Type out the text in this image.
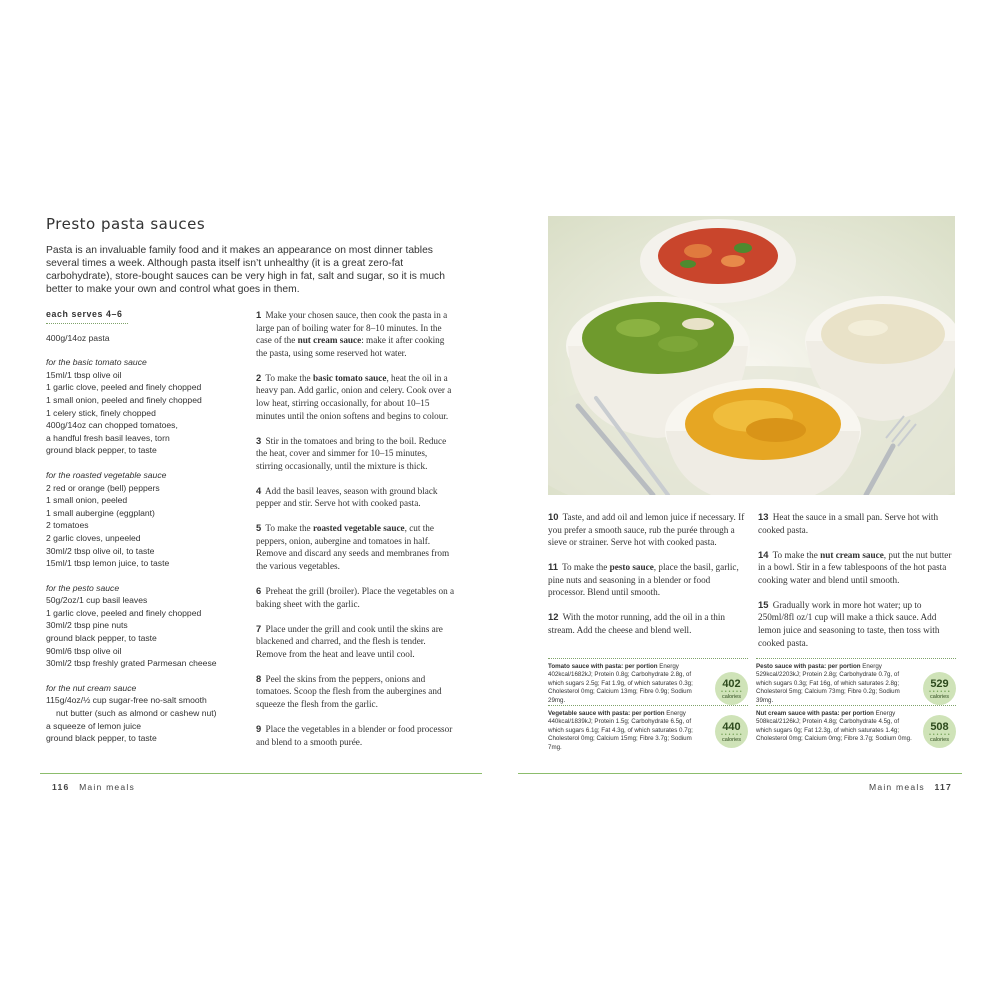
Presto pasta sauces

Pasta is an invaluable family food and it makes an appearance on most dinner tables several times a week. Although pasta itself isn’t unhealthy (it is a great zero-fat carbohydrate), store-bought sauces can be very high in fat, salt and sugar, so it is much better to make your own and control what goes in them.

each serves 4–6
400g/14oz pasta
for the basic tomato sauce
15ml/1 tbsp olive oil
1 garlic clove, peeled and finely chopped
1 small onion, peeled and finely chopped
1 celery stick, finely chopped
400g/14oz can chopped tomatoes,
a handful fresh basil leaves, torn
ground black pepper, to taste
for the roasted vegetable sauce
2 red or orange (bell) peppers
1 small onion, peeled
1 small aubergine (eggplant)
2 tomatoes
2 garlic cloves, unpeeled
30ml/2 tbsp olive oil, to taste
15ml/1 tbsp lemon juice, to taste
for the pesto sauce
50g/2oz/1 cup basil leaves
1 garlic clove, peeled and finely chopped
30ml/2 tbsp pine nuts
ground black pepper, to taste
90ml/6 tbsp olive oil
30ml/2 tbsp freshly grated Parmesan cheese
for the nut cream sauce
115g/4oz/½ cup sugar-free no-salt smooth
nut butter (such as almond or cashew nut)
a squeeze of lemon juice
ground black pepper, to taste

1 Make your chosen sauce, then cook the pasta in a large pan of boiling water for 8–10 minutes. In the case of the nut cream sauce: make it after cooking the pasta, using some reserved hot water.

2 To make the basic tomato sauce, heat the oil in a heavy pan. Add garlic, onion and celery. Cook over a low heat, stirring occasionally, for about 10–15 minutes until the onion softens and begins to colour.

3 Stir in the tomatoes and bring to the boil. Reduce the heat, cover and simmer for 10–15 minutes, stirring occasionally, until the mixture is thick.

4 Add the basil leaves, season with ground black pepper and stir. Serve hot with cooked pasta.

5 To make the roasted vegetable sauce, cut the peppers, onion, aubergine and tomatoes in half. Remove and discard any seeds and membranes from the various vegetables.

6 Preheat the grill (broiler). Place the vegetables on a baking sheet with the garlic.

7 Place under the grill and cook until the skins are blackened and charred, and the flesh is tender. Remove from the heat and leave until cool.

8 Peel the skins from the peppers, onions and tomatoes. Scoop the flesh from the aubergines and squeeze the flesh from the garlic.

9 Place the vegetables in a blender or food processor and blend to a smooth purée.

116 Main meals

10 Taste, and add oil and lemon juice if necessary. If you prefer a smooth sauce, rub the purée through a sieve or strainer. Serve hot with cooked pasta.

11 To make the pesto sauce, place the basil, garlic, pine nuts and seasoning in a blender or food processor. Blend until smooth.

12 With the motor running, add the oil in a thin stream. Add the cheese and blend well.

13 Heat the sauce in a small pan. Serve hot with cooked pasta.

14 To make the nut cream sauce, put the nut butter in a bowl. Stir in a few tablespoons of the hot pasta cooking water and blend until smooth.

15 Gradually work in more hot water; up to 250ml/8fl oz/1 cup will make a thick sauce. Add lemon juice and seasoning to taste, then toss with cooked pasta.

Tomato sauce with pasta: per portion Energy 402kcal/1682kJ; Protein 0.8g; Carbohydrate 2.8g, of which sugars 2.5g; Fat 1.9g, of which saturates 0.3g; Cholesterol 0mg; Calcium 13mg; Fibre 0.9g; Sodium 29mg.
402
• • • • • •
calories
Pesto sauce with pasta: per portion Energy 529kcal/2203kJ; Protein 2.8g; Carbohydrate 0.7g, of which sugars 0.3g; Fat 16g, of which saturates 2.8g; Cholesterol 5mg; Calcium 73mg; Fibre 0.2g; Sodium 39mg.
529
• • • • • •
calories
Vegetable sauce with pasta: per portion Energy 440kcal/1839kJ; Protein 1.5g; Carbohydrate 6.5g, of which sugars 6.1g; Fat 4.3g, of which saturates 0.7g; Cholesterol 0mg; Calcium 15mg; Fibre 3.7g; Sodium 7mg.
440
• • • • • •
calories
Nut cream sauce with pasta: per portion Energy 508kcal/2126kJ; Protein 4.8g; Carbohydrate 4.5g, of which sugars 0g; Fat 12.3g, of which saturates 1.4g; Cholesterol 0mg; Calcium 0mg; Fibre 3.7g; Sodium 0mg.
508
• • • • • •
calories
Main meals 117
